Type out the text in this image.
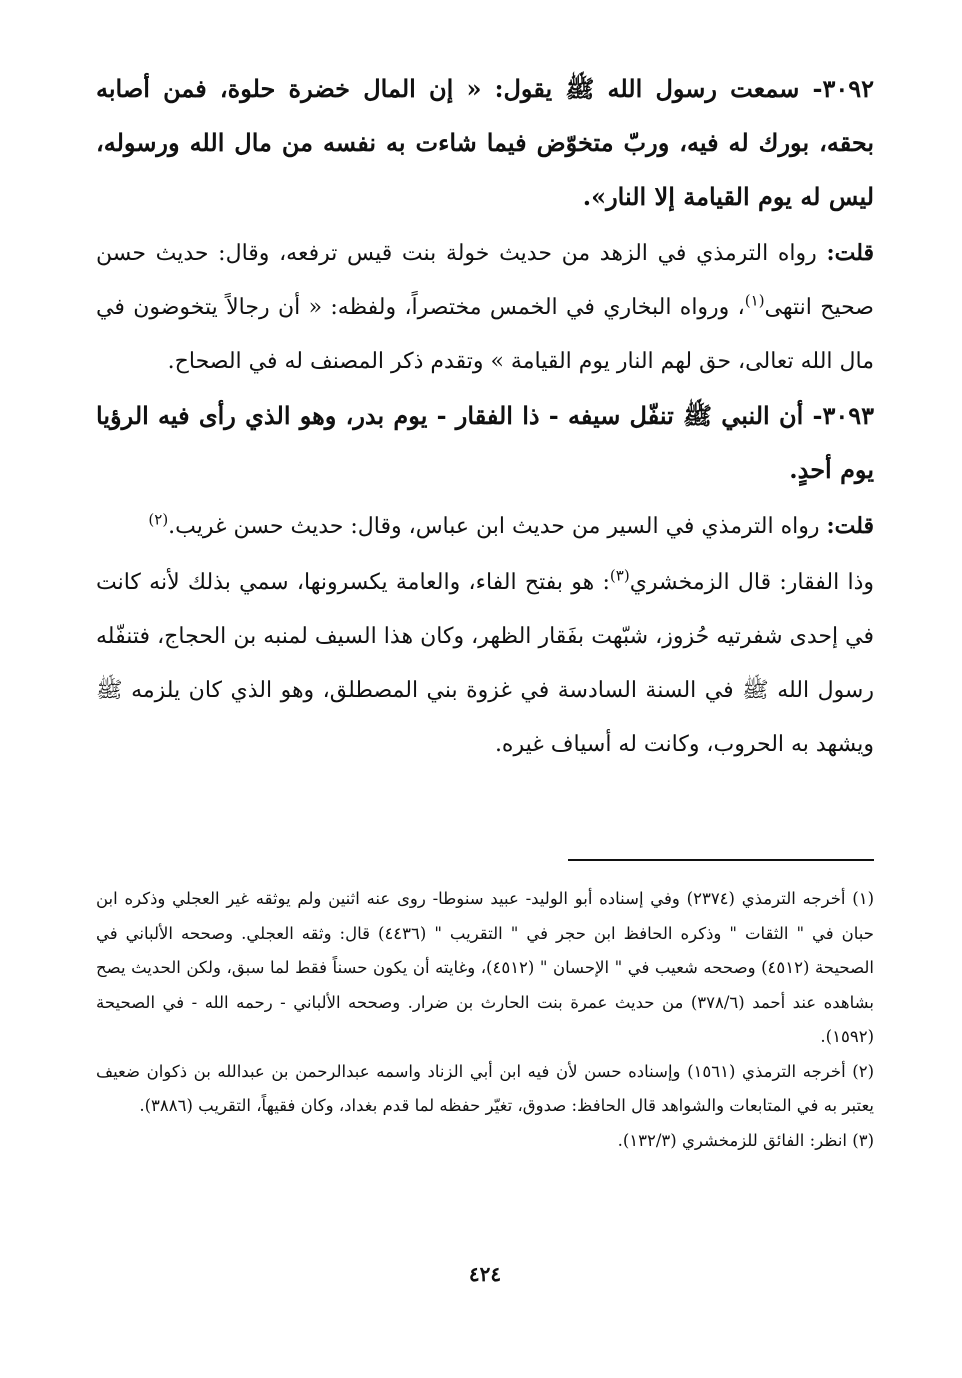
٣٠٩٢- سمعت رسول الله ﷺ يقول: « إن المال خضرة حلوة، فمن أصابه بحقه، بورك له فيه، وربّ متخوّض فيما شاءت به نفسه من مال الله ورسوله، ليس له يوم القيامة إلا النار».

قلت: رواه الترمذي في الزهد من حديث خولة بنت قيس ترفعه، وقال: حديث حسن صحيح انتهى$^{(١)}$، ورواه البخاري في الخمس مختصراً، ولفظه: « أن رجالاً يتخوضون في مال الله تعالى، حق لهم النار يوم القيامة » وتقدم ذكر المصنف له في الصحاح.

٣٠٩٣- أن النبي ﷺ تنفّل سيفه - ذا الفقار - يوم بدر، وهو الذي رأى فيه الرؤيا يوم أحدٍ.

قلت: رواه الترمذي في السير من حديث ابن عباس، وقال: حديث حسن غريب.$^{(٢)}$

وذا الفقار: قال الزمخشري$^{(٣)}$: هو بفتح الفاء، والعامة يكسرونها، سمي بذلك لأنه كانت في إحدى شفرتيه حُزوز، شبّهت بفَقار الظهر، وكان هذا السيف لمنبه بن الحجاج، فتنفّله رسول الله ﷺ في السنة السادسة في غزوة بني المصطلق، وهو الذي كان يلزمه ﷺ ويشهد به الحروب، وكانت له أسياف غيره.

(١) أخرجه الترمذي (٢٣٧٤) وفي إسناده أبو الوليد- عبيد سنوطا- روى عنه اثنين ولم يوثقه غير العجلي وذكره ابن حبان في " الثقات " وذكره الحافظ ابن حجر في " التقريب " (٤٤٣٦) قال: وثقه العجلي. وصححه الألباني في الصحيحة (٤٥١٢) وصححه شعيب في " الإحسان " (٤٥١٢)، وغايته أن يكون حسناً فقط لما سبق، ولكن الحديث يصح بشاهده عند أحمد (٣٧٨/٦) من حديث عمرة بنت الحارث بن ضرار. وصححه الألباني - رحمه الله - في الصحيحة (١٥٩٢).

(٢) أخرجه الترمذي (١٥٦١) وإسناده حسن لأن فيه ابن أبي الزناد واسمه عبدالرحمن بن عبدالله بن ذكوان ضعيف يعتبر به في المتابعات والشواهد قال الحافظ: صدوق، تغيّر حفظه لما قدم بغداد، وكان فقيهاً، التقريب (٣٨٨٦).

(٣) انظر: الفائق للزمخشري (١٣٢/٣).

٤٢٤
